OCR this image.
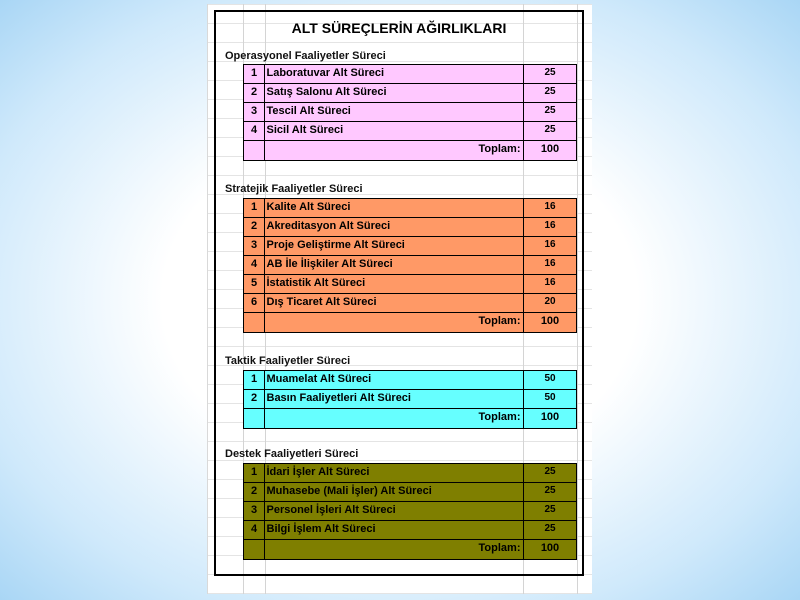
ALT SÜREÇLERİN AĞIRLIKLARI
Operasyonel Faaliyetler Süreci
1 Laboratuvar Alt Süreci	25
2 Satış Salonu Alt Süreci	25
3 Tescil Alt Süreci	25
4 Sicil Alt Süreci	25
Toplam:	100
Stratejik Faaliyetler Süreci
1 Kalite Alt Süreci	16
2 Akreditasyon Alt Süreci	16
3 Proje Geliştirme Alt Süreci	16
4 AB İle İlişkiler Alt Süreci	16
5 İstatistik Alt Süreci	16
6 Dış Ticaret Alt Süreci	20
Toplam:	100
Taktik Faaliyetler Süreci
1 Muamelat Alt Süreci	50
2 Basın Faaliyetleri Alt Süreci	50
Toplam:	100
Destek Faaliyetleri Süreci
1 İdari İşler Alt Süreci	25
2 Muhasebe (Mali İşler) Alt Süreci	25
3 Personel İşleri Alt Süreci	25
4 Bilgi İşlem Alt Süreci	25
Toplam:	100
